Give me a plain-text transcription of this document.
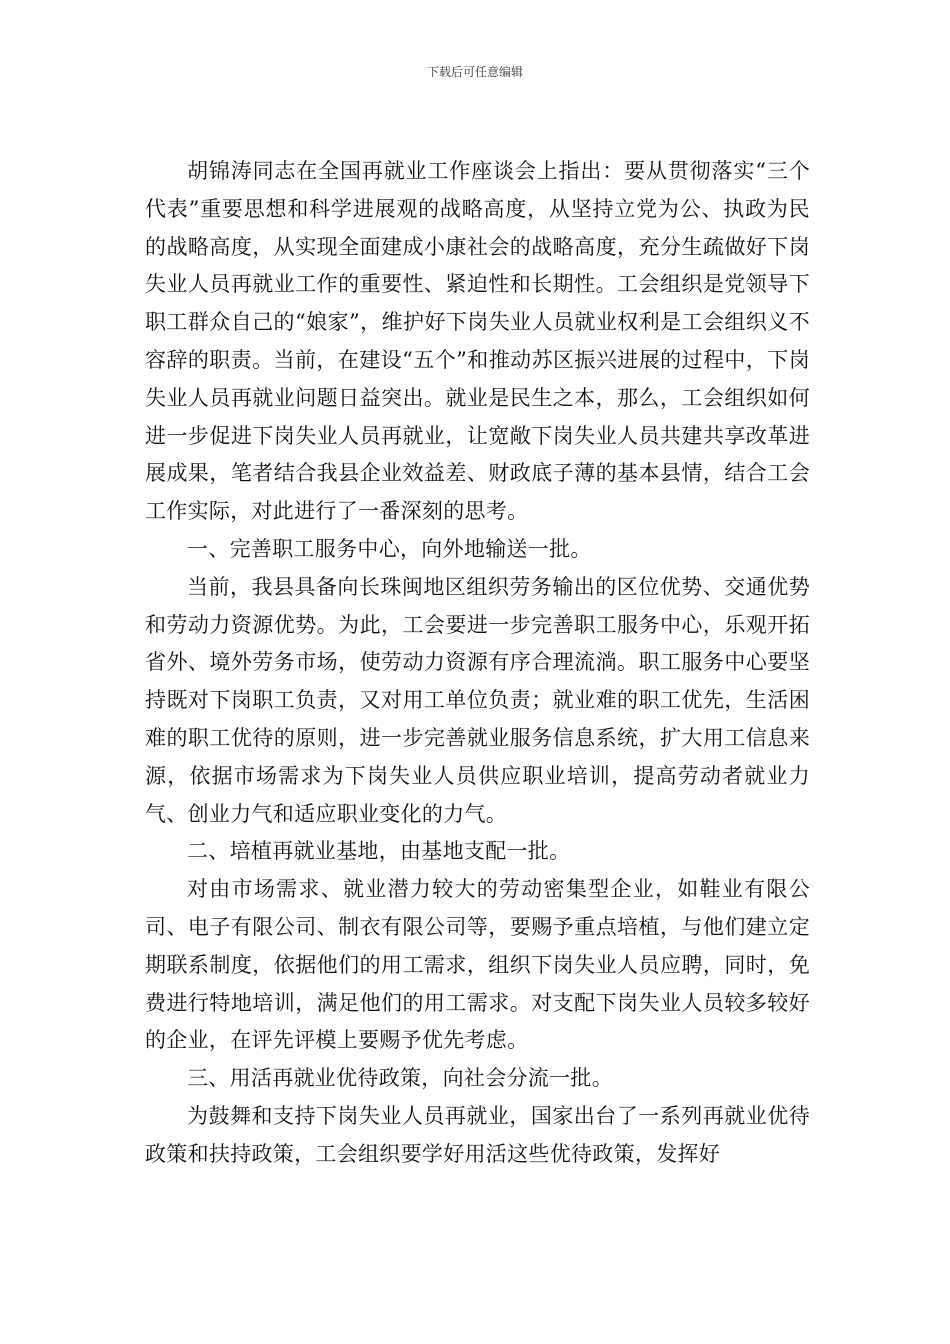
下载后可任意编辑

胡锦涛同志在全国再就业工作座谈会上指出：要从贯彻落实“三个代表”重要思想和科学进展观的战略高度，从坚持立党为公、执政为民的战略高度，从实现全面建成小康社会的战略高度，充分生疏做好下岗失业人员再就业工作的重要性、紧迫性和长期性。工会组织是党领导下职工群众自己的“娘家”，维护好下岗失业人员就业权利是工会组织义不容辞的职责。当前，在建设“五个”和推动苏区振兴进展的过程中，下岗失业人员再就业问题日益突出。就业是民生之本，那么，工会组织如何进一步促进下岗失业人员再就业，让宽敞下岗失业人员共建共享改革进展成果，笔者结合我县企业效益差、财政底子薄的基本县情，结合工会工作实际，对此进行了一番深刻的思考。

一、完善职工服务中心，向外地输送一批。

当前，我县具备向长珠闽地区组织劳务输出的区位优势、交通优势和劳动力资源优势。为此，工会要进一步完善职工服务中心，乐观开拓省外、境外劳务市场，使劳动力资源有序合理流淌。职工服务中心要坚持既对下岗职工负责，又对用工单位负责；就业难的职工优先，生活困难的职工优待的原则，进一步完善就业服务信息系统，扩大用工信息来源，依据市场需求为下岗失业人员供应职业培训，提高劳动者就业力气、创业力气和适应职业变化的力气。

二、培植再就业基地，由基地支配一批。

对由市场需求、就业潜力较大的劳动密集型企业，如鞋业有限公司、电子有限公司、制衣有限公司等，要赐予重点培植，与他们建立定期联系制度，依据他们的用工需求，组织下岗失业人员应聘，同时，免费进行特地培训，满足他们的用工需求。对支配下岗失业人员较多较好的企业，在评先评模上要赐予优先考虑。

三、用活再就业优待政策，向社会分流一批。

为鼓舞和支持下岗失业人员再就业，国家出台了一系列再就业优待政策和扶持政策，工会组织要学好用活这些优待政策，发挥好
